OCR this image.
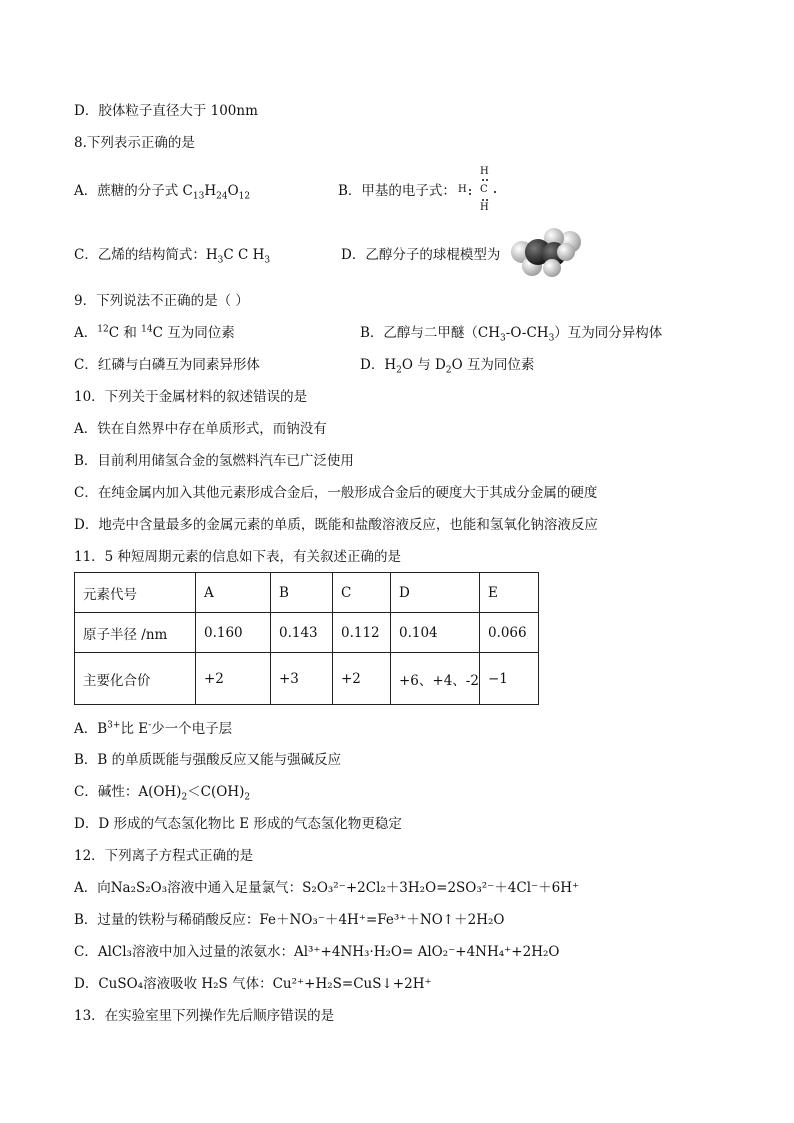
D．胶体粒子直径大于 100nm
8.下列表示正确的是
A．蔗糖的分子式 $C_{13}H_{24}O_{12}$	B．甲基的电子式：
H
H C
H
C．乙烯的结构简式：$H_3C$ C $H_3$	D．乙醇分子的球棍模型为
9．下列说法不正确的是（ ）
A．$^{12}$C 和 $^{14}$C 互为同位素	B．乙醇与二甲醚$(CH_3-O-CH_3)$互为同分异构体
C．红磷与白磷互为同素异形体	D．$H_2O$ 与 $D_2O$ 互为同位素
10．下列关于金属材料的叙述错误的是
A．铁在自然界中存在单质形式，而钠没有
B．目前利用储氢合金的氢燃料汽车已广泛使用
C．在纯金属内加入其他元素形成合金后，一般形成合金后的硬度大于其成分金属的硬度
D．地壳中含量最多的金属元素的单质，既能和盐酸溶液反应，也能和氢氧化钠溶液反应
11．5 种短周期元素的信息如下表，有关叙述正确的是
元素代号	A	B	C	D	E
原子半径 /nm	0.160	0.143	0.112	0.104	0.066
主要化合价	+2	+3	+2	+6、+4、-2	−1
A．$B^{3+}$比 E-少一个电子层
B．B 的单质既能与强酸反应又能与强碱反应
C．碱性：$A(OH)_2<C(OH)_2$
D．D 形成的气态氢化物比 E 形成的气态氢化物更稳定
12．下列离子方程式正确的是
A．向Na₂S₂O₃溶液中通入足量氯气：S₂O₃²⁻+2Cl₂＋3H₂O=2SO₃²⁻＋4Cl⁻＋6H⁺
B．过量的铁粉与稀硝酸反应：Fe＋NO₃⁻＋4H⁺=Fe³⁺＋NO↑＋2H₂O
C．AlCl₃溶液中加入过量的浓氨水：Al³⁺+4NH₃·H₂O= AlO₂⁻+4NH₄⁺+2H₂O
D．CuSO₄溶液吸收 H₂S 气体：Cu²⁺+H₂S=CuS↓+2H⁺
13．在实验室里下列操作先后顺序错误的是
